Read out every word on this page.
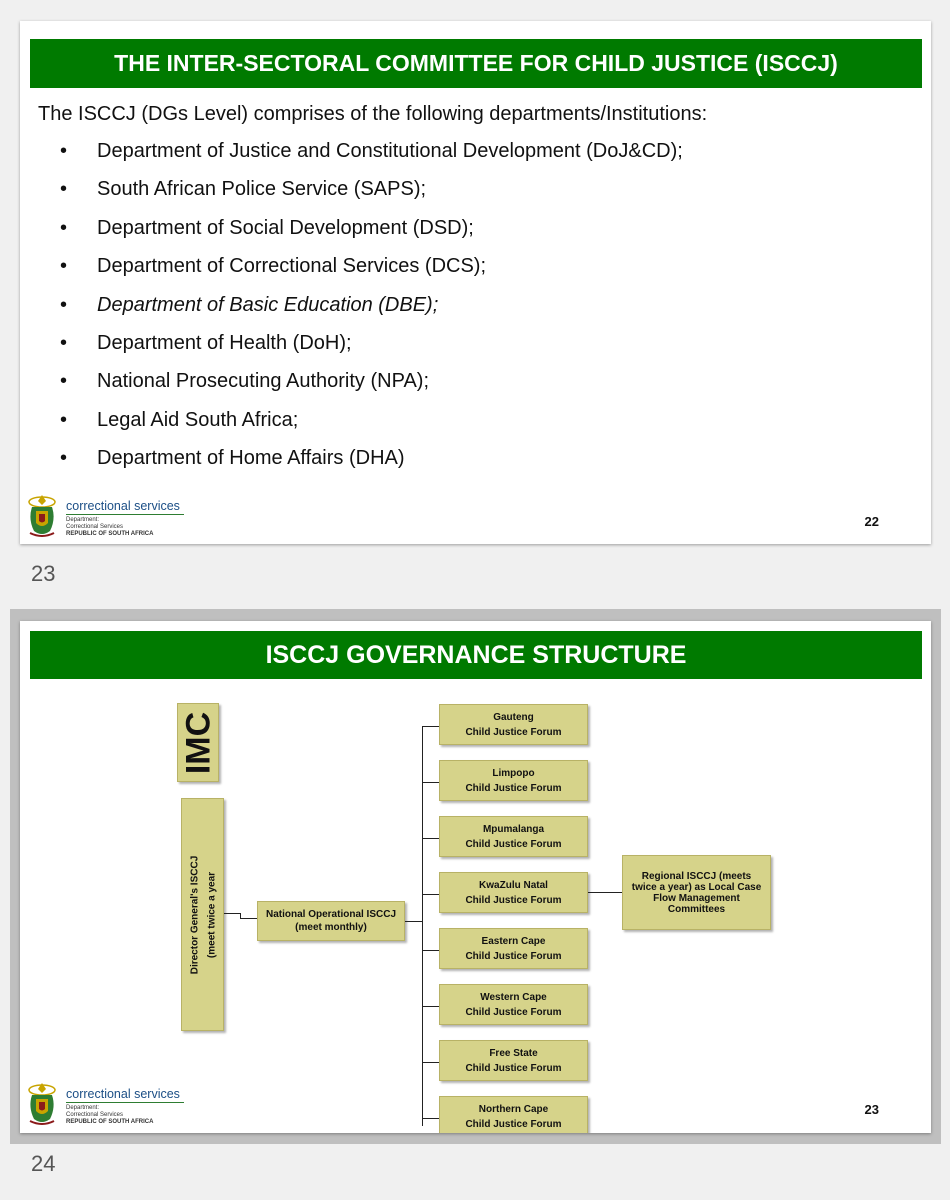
THE INTER-SECTORAL COMMITTEE FOR CHILD JUSTICE (ISCCJ)
The ISCCJ (DGs Level) comprises of the following departments/Institutions:
• Department of Justice and Constitutional Development (DoJ&CD);
• South African Police Service (SAPS);
• Department of Social Development (DSD);
• Department of Correctional Services (DCS);
• Department of Basic Education (DBE);
• Department of Health (DoH);
• National Prosecuting Authority (NPA);
• Legal Aid South Africa;
• Department of Home Affairs (DHA)
correctional services
Department:
Correctional Services
REPUBLIC OF SOUTH AFRICA
22
23
ISCCJ GOVERNANCE STRUCTURE
IMC
Director General's ISCCJ (meet twice a year	National Operational ISCCJ
(meet monthly)
Gauteng
Child Justice Forum
Limpopo
Child Justice Forum
Mpumalanga
Child Justice Forum
KwaZulu Natal
Child Justice Forum
Eastern Cape
Child Justice Forum
Western Cape
Child Justice Forum
Free State
Child Justice Forum
Northern Cape
Child Justice Forum
Regional ISCCJ (meets
twice a year) as Local Case
Flow Management
Committees
correctional services
Department:
Correctional Services
REPUBLIC OF SOUTH AFRICA
23
24
